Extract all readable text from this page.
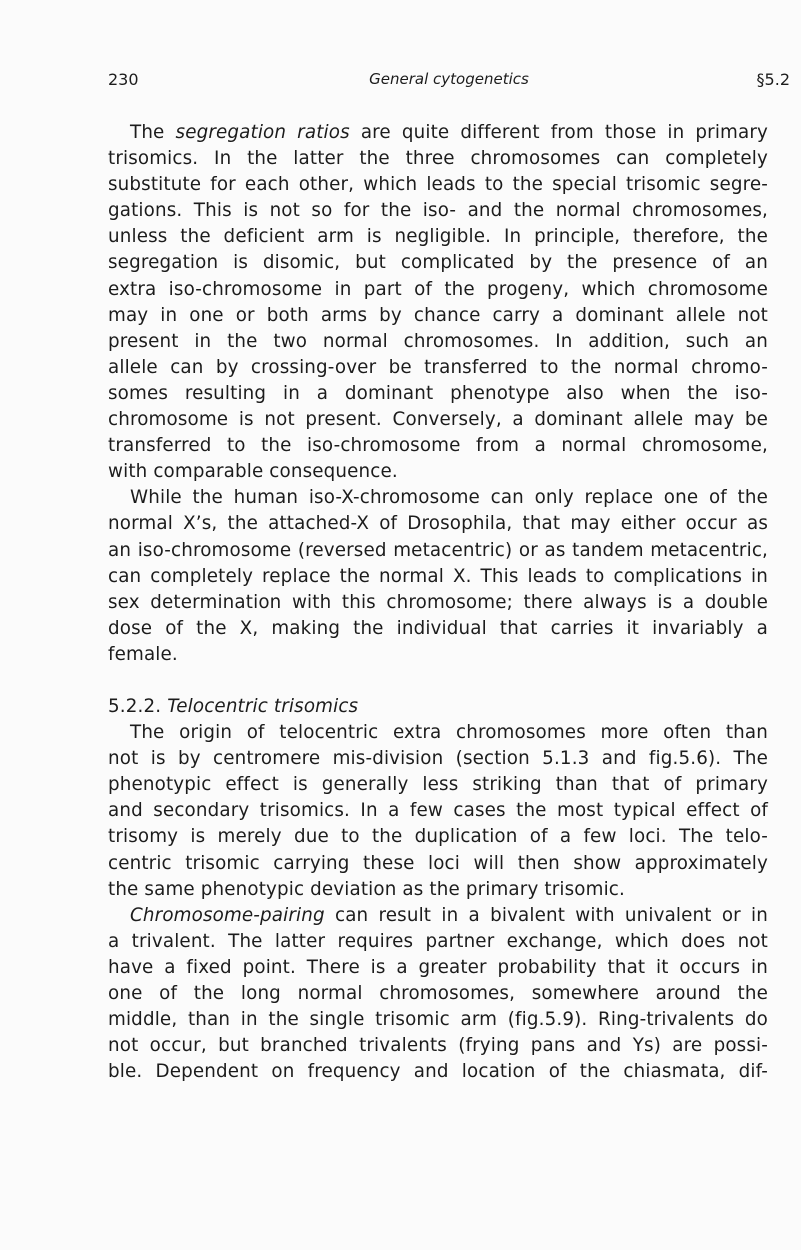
230	General cytogenetics	§5.2
The segregation ratios are quite different from those in primary
trisomics. In the latter the three chromosomes can completely
substitute for each other, which leads to the special trisomic segre-
gations. This is not so for the iso- and the normal chromosomes,
unless the deficient arm is negligible. In principle, therefore, the
segregation is disomic, but complicated by the presence of an
extra iso-chromosome in part of the progeny, which chromosome
may in one or both arms by chance carry a dominant allele not
present in the two normal chromosomes. In addition, such an
allele can by crossing-over be transferred to the normal chromo-
somes resulting in a dominant phenotype also when the iso-
chromosome is not present. Conversely, a dominant allele may be
transferred to the iso-chromosome from a normal chromosome,
with comparable consequence.
While the human iso-X-chromosome can only replace one of the
normal X’s, the attached-X of Drosophila, that may either occur as
an iso-chromosome (reversed metacentric) or as tandem metacentric,
can completely replace the normal X. This leads to complications in
sex determination with this chromosome; there always is a double
dose of the X, making the individual that carries it invariably a
female.
5.2.2. Telocentric trisomics
The origin of telocentric extra chromosomes more often than
not is by centromere mis-division (section 5.1.3 and fig.5.6). The
phenotypic effect is generally less striking than that of primary
and secondary trisomics. In a few cases the most typical effect of
trisomy is merely due to the duplication of a few loci. The telo-
centric trisomic carrying these loci will then show approximately
the same phenotypic deviation as the primary trisomic.
Chromosome-pairing can result in a bivalent with univalent or in
a trivalent. The latter requires partner exchange, which does not
have a fixed point. There is a greater probability that it occurs in
one of the long normal chromosomes, somewhere around the
middle, than in the single trisomic arm (fig.5.9). Ring-trivalents do
not occur, but branched trivalents (frying pans and Ys) are possi-
ble. Dependent on frequency and location of the chiasmata, dif-
